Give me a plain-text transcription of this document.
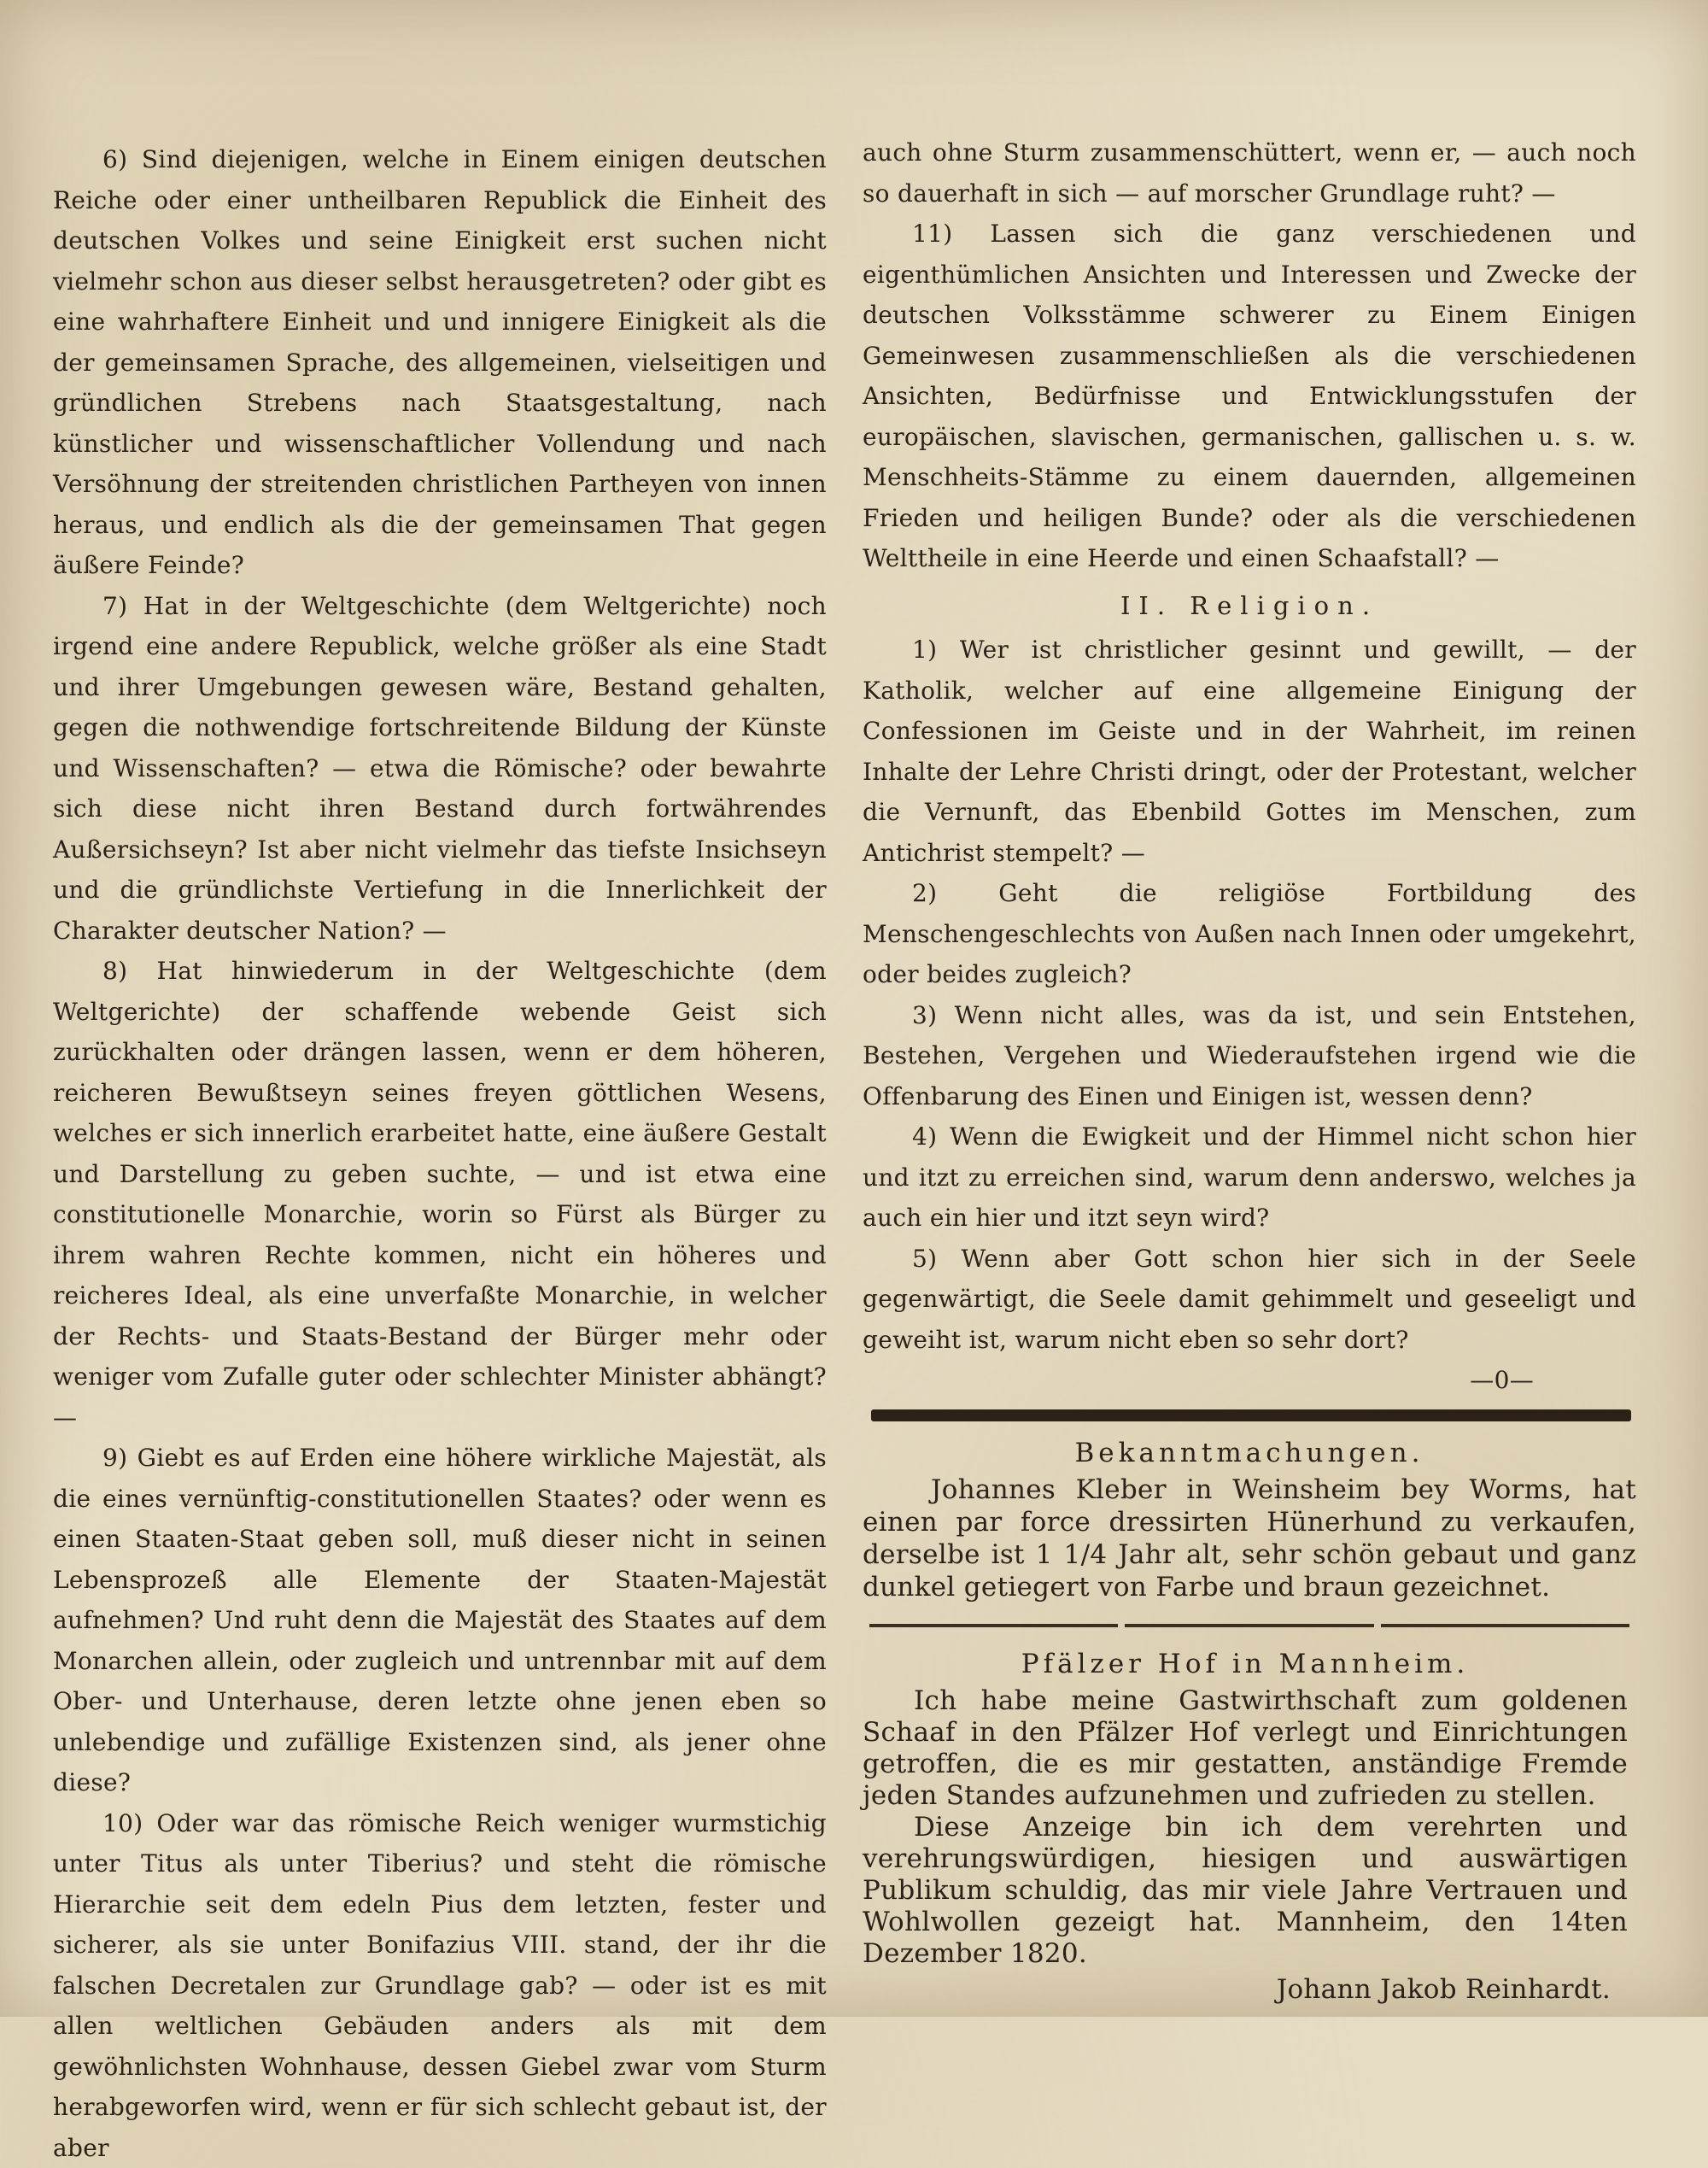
6) Sind diejenigen, welche in Einem einigen deutschen Reiche oder einer untheilbaren Republick die Einheit des deutschen Volkes und seine Einigkeit erst suchen nicht vielmehr schon aus dieser selbst herausgetreten? oder gibt es eine wahrhaftere Einheit und und innigere Einigkeit als die der gemeinsamen Sprache, des allgemeinen, vielseitigen und gründlichen Strebens nach Staatsgestaltung, nach künstlicher und wissenschaftlicher Vollendung und nach Versöhnung der streitenden christlichen Partheyen von innen heraus, und endlich als die der gemeinsamen That gegen äußere Feinde?

7) Hat in der Weltgeschichte (dem Weltgerichte) noch irgend eine andere Republick, welche größer als eine Stadt und ihrer Umgebungen gewesen wäre, Bestand gehalten, gegen die nothwendige fortschreitende Bildung der Künste und Wissenschaften? — etwa die Römische? oder bewahrte sich diese nicht ihren Bestand durch fortwährendes Außersichseyn? Ist aber nicht vielmehr das tiefste Insichseyn und die gründlichste Vertiefung in die Innerlichkeit der Charakter deutscher Nation? —

8) Hat hinwiederum in der Weltgeschichte (dem Weltgerichte) der schaffende webende Geist sich zurückhalten oder drängen lassen, wenn er dem höheren, reicheren Bewußtseyn seines freyen göttlichen Wesens, welches er sich innerlich erarbeitet hatte, eine äußere Gestalt und Darstellung zu geben suchte, — und ist etwa eine constitutionelle Monarchie, worin so Fürst als Bürger zu ihrem wahren Rechte kommen, nicht ein höheres und reicheres Ideal, als eine unverfaßte Monarchie, in welcher der Rechts- und Staats-Bestand der Bürger mehr oder weniger vom Zufalle guter oder schlechter Minister abhängt? —

9) Giebt es auf Erden eine höhere wirkliche Majestät, als die eines vernünftig-constitutionellen Staates? oder wenn es einen Staaten-Staat geben soll, muß dieser nicht in seinen Lebensprozeß alle Elemente der Staaten-Majestät aufnehmen? Und ruht denn die Majestät des Staates auf dem Monarchen allein, oder zugleich und untrennbar mit auf dem Ober- und Unterhause, deren letzte ohne jenen eben so unlebendige und zufällige Existenzen sind, als jener ohne diese?

10) Oder war das römische Reich weniger wurmstichig unter Titus als unter Tiberius? und steht die römische Hierarchie seit dem edeln Pius dem letzten, fester und sicherer, als sie unter Bonifazius VIII. stand, der ihr die falschen Decretalen zur Grundlage gab? — oder ist es mit allen weltlichen Gebäuden anders als mit dem gewöhnlichsten Wohnhause, dessen Giebel zwar vom Sturm herabgeworfen wird, wenn er für sich schlecht gebaut ist, der aber

auch ohne Sturm zusammenschüttert, wenn er, — auch noch so dauerhaft in sich — auf morscher Grundlage ruht? —

11) Lassen sich die ganz verschiedenen und eigenthümlichen Ansichten und Interessen und Zwecke der deutschen Volksstämme schwerer zu Einem Einigen Gemeinwesen zusammenschließen als die verschiedenen Ansichten, Bedürfnisse und Entwicklungsstufen der europäischen, slavischen, germanischen, gallischen u. s. w. Menschheits-Stämme zu einem dauernden, allgemeinen Frieden und heiligen Bunde? oder als die verschiedenen Welttheile in eine Heerde und einen Schaafstall? —

II. Religion.

1) Wer ist christlicher gesinnt und gewillt, — der Katholik, welcher auf eine allgemeine Einigung der Confessionen im Geiste und in der Wahrheit, im reinen Inhalte der Lehre Christi dringt, oder der Protestant, welcher die Vernunft, das Ebenbild Gottes im Menschen, zum Antichrist stempelt? —

2) Geht die religiöse Fortbildung des Menschengeschlechts von Außen nach Innen oder umgekehrt, oder beides zugleich?

3) Wenn nicht alles, was da ist, und sein Entstehen, Bestehen, Vergehen und Wiederaufstehen irgend wie die Offenbarung des Einen und Einigen ist, wessen denn?

4) Wenn die Ewigkeit und der Himmel nicht schon hier und itzt zu erreichen sind, warum denn anderswo, welches ja auch ein hier und itzt seyn wird?

5) Wenn aber Gott schon hier sich in der Seele gegenwärtigt, die Seele damit gehimmelt und geseeligt und geweiht ist, warum nicht eben so sehr dort?

—0—

Bekanntmachungen.

Johannes Kleber in Weinsheim bey Worms, hat einen par force dressirten Hünerhund zu verkaufen, derselbe ist 1 1/4 Jahr alt, sehr schön gebaut und ganz dunkel getiegert von Farbe und braun gezeichnet.

Pfälzer Hof in Mannheim.

Ich habe meine Gastwirthschaft zum goldenen Schaaf in den Pfälzer Hof verlegt und Einrichtungen getroffen, die es mir gestatten, anständige Fremde jeden Standes aufzunehmen und zufrieden zu stellen.

Diese Anzeige bin ich dem verehrten und verehrungswürdigen, hiesigen und auswärtigen Publikum schuldig, das mir viele Jahre Vertrauen und Wohlwollen gezeigt hat. Mannheim, den 14ten Dezember 1820.

Johann Jakob Reinhardt.
